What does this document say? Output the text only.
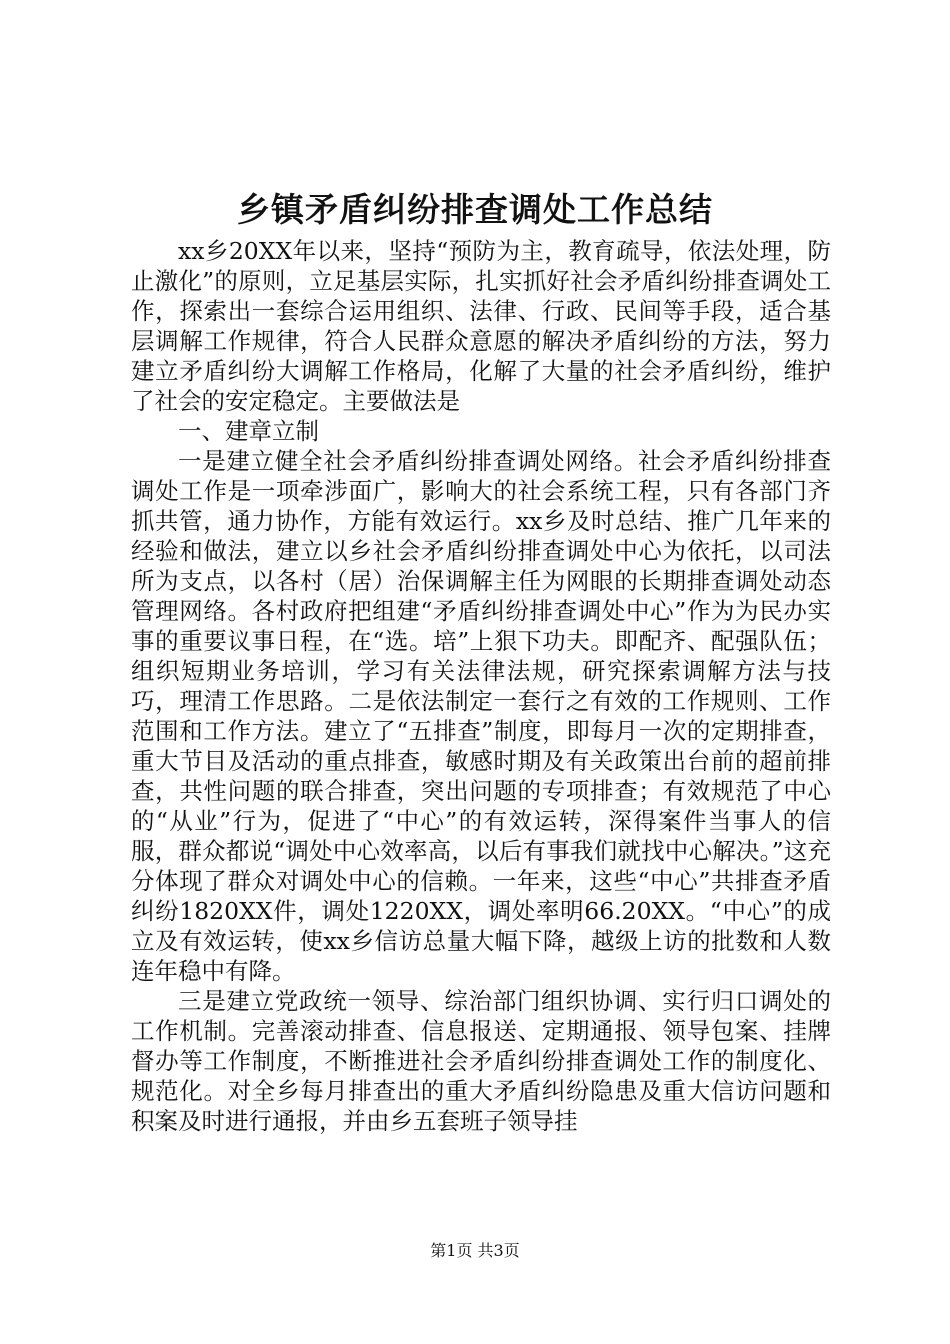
乡镇矛盾纠纷排查调处工作总结

xx乡20XX年以来，坚持“预防为主，教育疏导，依法处理，防止激化”的原则，立足基层实际，扎实抓好社会矛盾纠纷排查调处工作，探索出一套综合运用组织、法律、行政、民间等手段，适合基层调解工作规律，符合人民群众意愿的解决矛盾纠纷的方法，努力建立矛盾纠纷大调解工作格局，化解了大量的社会矛盾纠纷，维护了社会的安定稳定。主要做法是

一、建章立制

一是建立健全社会矛盾纠纷排查调处网络。社会矛盾纠纷排查调处工作是一项牵涉面广，影响大的社会系统工程，只有各部门齐抓共管，通力协作，方能有效运行。xx乡及时总结、推广几年来的经验和做法，建立以乡社会矛盾纠纷排查调处中心为依托，以司法所为支点，以各村（居）治保调解主任为网眼的长期排查调处动态管理网络。各村政府把组建“矛盾纠纷排查调处中心”作为为民办实事的重要议事日程，在“选。培”上狠下功夫。即配齐、配强队伍；组织短期业务培训，学习有关法律法规，研究探索调解方法与技巧，理清工作思路。二是依法制定一套行之有效的工作规则、工作范围和工作方法。建立了“五排查”制度，即每月一次的定期排查，重大节目及活动的重点排查，敏感时期及有关政策出台前的超前排查，共性问题的联合排查，突出问题的专项排查；有效规范了中心的“从业”行为，促进了“中心”的有效运转，深得案件当事人的信服，群众都说“调处中心效率高，以后有事我们就找中心解决。”这充分体现了群众对调处中心的信赖。一年来，这些“中心”共排查矛盾纠纷1820XX件，调处1220XX，调处率明66.20XX。“中心”的成立及有效运转，使xx乡信访总量大幅下降，越级上访的批数和人数连年稳中有降。

三是建立党政统一领导、综治部门组织协调、实行归口调处的工作机制。完善滚动排查、信息报送、定期通报、领导包案、挂牌督办等工作制度，不断推进社会矛盾纠纷排查调处工作的制度化、规范化。对全乡每月排查出的重大矛盾纠纷隐患及重大信访问题和积案及时进行通报，并由乡五套班子领导挂

第1页 共3页
